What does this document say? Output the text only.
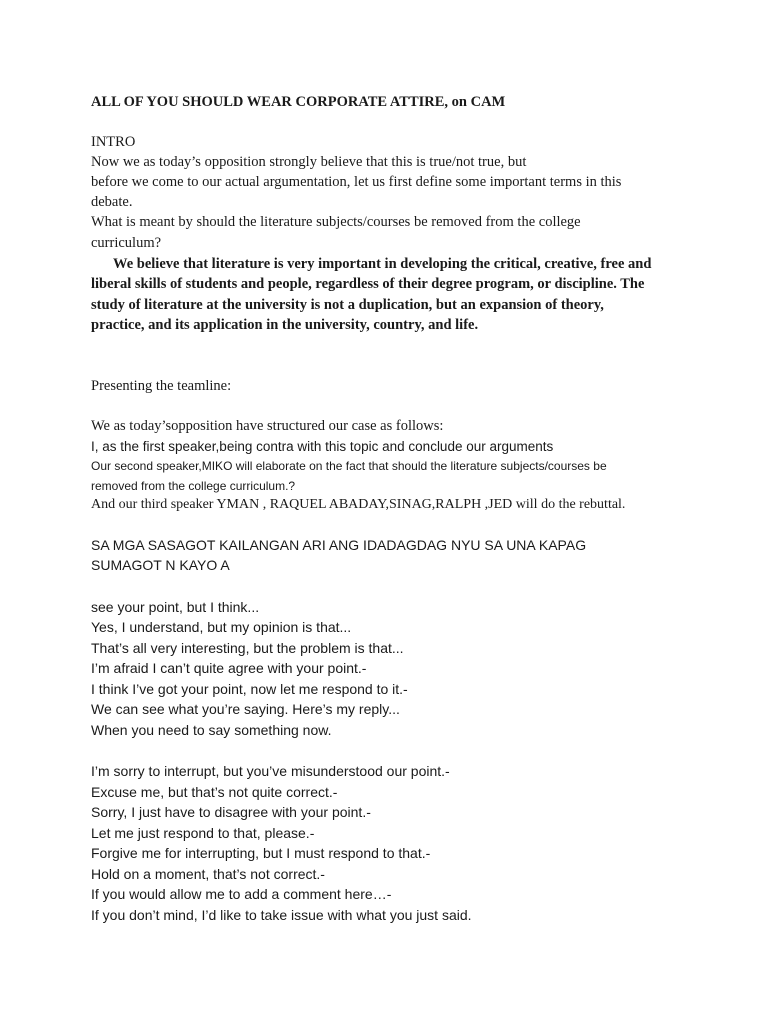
ALL OF YOU SHOULD WEAR CORPORATE ATTIRE, on CAM

INTRO

Now we as today’s opposition strongly believe that this is true/not true, but

before we come to our actual argumentation, let us first define some important terms in this

debate.

What is meant by should the literature subjects/courses be removed from the college

curriculum?

We believe that literature is very important in developing the critical, creative, free and

liberal skills of students and people, regardless of their degree program, or discipline. The

study of literature at the university is not a duplication, but an expansion of theory,

practice, and its application in the university, country, and life.

Presenting the teamline:

We as today’sopposition have structured our case as follows:

I, as the first speaker,being contra with this topic and conclude our arguments

Our second speaker,MIKO will elaborate on the fact that should the literature subjects/courses be

removed from the college curriculum.?

And our third speaker YMAN , RAQUEL ABADAY,SINAG,RALPH ,JED will do the rebuttal.

SA MGA SASAGOT KAILANGAN ARI ANG IDADAGDAG NYU SA UNA KAPAG

SUMAGOT N KAYO A

see your point, but I think...

Yes, I understand, but my opinion is that...

That’s all very interesting, but the problem is that...

I’m afraid I can’t quite agree with your point.-

I think I’ve got your point, now let me respond to it.-

We can see what you’re saying. Here’s my reply...

When you need to say something now.

I’m sorry to interrupt, but you’ve misunderstood our point.-

Excuse me, but that’s not quite correct.-

Sorry, I just have to disagree with your point.-

Let me just respond to that, please.-

Forgive me for interrupting, but I must respond to that.-

Hold on a moment, that’s not correct.-

If you would allow me to add a comment here…-

If you don’t mind, I’d like to take issue with what you just said.
